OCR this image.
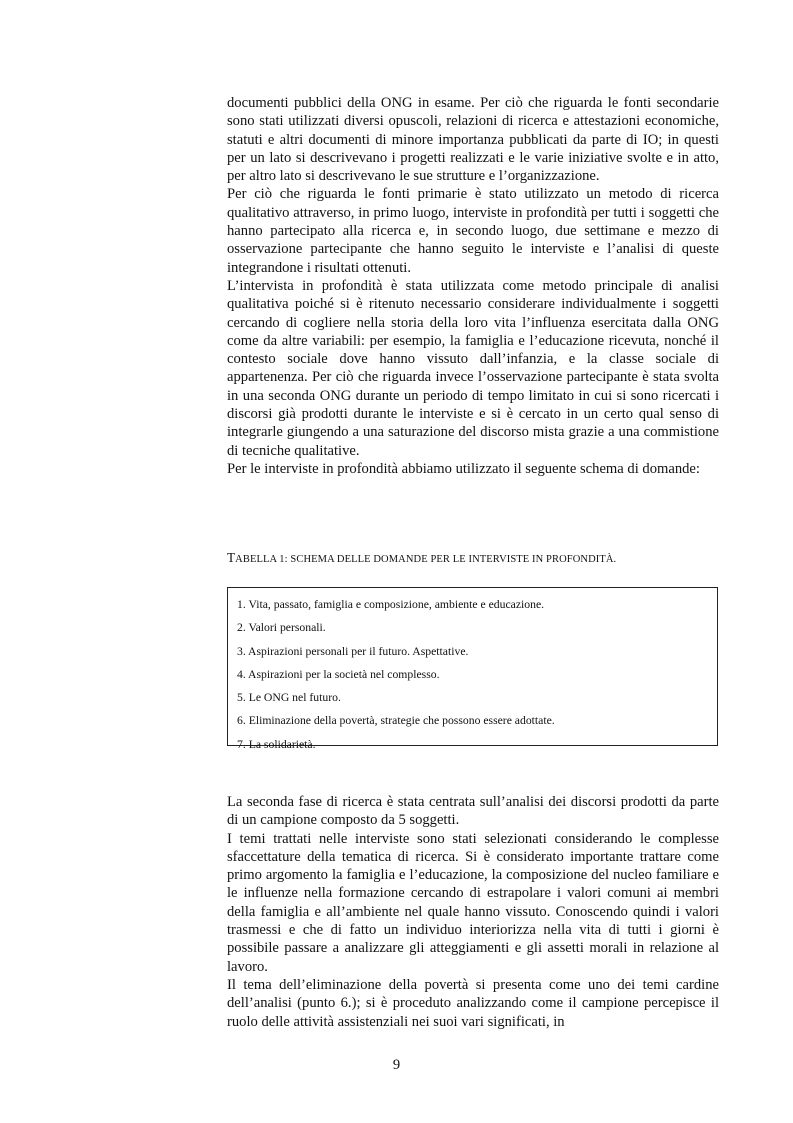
documenti pubblici della ONG in esame. Per ciò che riguarda le fonti secondarie sono stati utilizzati diversi opuscoli, relazioni di ricerca e attestazioni economiche, statuti e altri documenti di minore importanza pubblicati da parte di IO; in questi per un lato si descrivevano i progetti realizzati e le varie iniziative svolte e in atto, per altro lato si descrivevano le sue strutture e l’organizzazione.

Per ciò che riguarda le fonti primarie è stato utilizzato un metodo di ricerca qualitativo attraverso, in primo luogo, interviste in profondità per tutti i soggetti che hanno partecipato alla ricerca e, in secondo luogo, due settimane e mezzo di osservazione partecipante che hanno seguito le interviste e l’analisi di queste integrandone i risultati ottenuti.

L’intervista in profondità è stata utilizzata come metodo principale di analisi qualitativa poiché si è ritenuto necessario considerare individualmente i soggetti cercando di cogliere nella storia della loro vita l’influenza esercitata dalla ONG come da altre variabili: per esempio, la famiglia e l’educazione ricevuta, nonché il contesto sociale dove hanno vissuto dall’infanzia, e la classe sociale di appartenenza. Per ciò che riguarda invece l’osservazione partecipante è stata svolta in una seconda ONG durante un periodo di tempo limitato in cui si sono ricercati i discorsi già prodotti durante le interviste e si è cercato in un certo qual senso di integrarle giungendo a una saturazione del discorso mista grazie a una commistione di tecniche qualitative.

Per le interviste in profondità abbiamo utilizzato il seguente schema di domande:

TABELLA 1: SCHEMA DELLE DOMANDE PER LE INTERVISTE IN PROFONDITÀ.
1. Vita, passato, famiglia e composizione, ambiente e educazione.
2. Valori personali.
3. Aspirazioni personali per il futuro. Aspettative.
4. Aspirazioni per la società nel complesso.
5. Le ONG nel futuro.
6. Eliminazione della povertà, strategie che possono essere adottate.
7. La solidarietà.

La seconda fase di ricerca è stata centrata sull’analisi dei discorsi prodotti da parte di un campione composto da 5 soggetti.

I temi trattati nelle interviste sono stati selezionati considerando le complesse sfaccettature della tematica di ricerca. Si è considerato importante trattare come primo argomento la famiglia e l’educazione, la composizione del nucleo familiare e le influenze nella formazione cercando di estrapolare i valori comuni ai membri della famiglia e all’ambiente nel quale hanno vissuto. Conoscendo quindi i valori trasmessi e che di fatto un individuo interiorizza nella vita di tutti i giorni è possibile passare a analizzare gli atteggiamenti e gli assetti morali in relazione al lavoro.

Il tema dell’eliminazione della povertà si presenta come uno dei temi cardine dell’analisi (punto 6.); si è proceduto analizzando come il campione percepisce il ruolo delle attività assistenziali nei suoi vari significati, in

9
